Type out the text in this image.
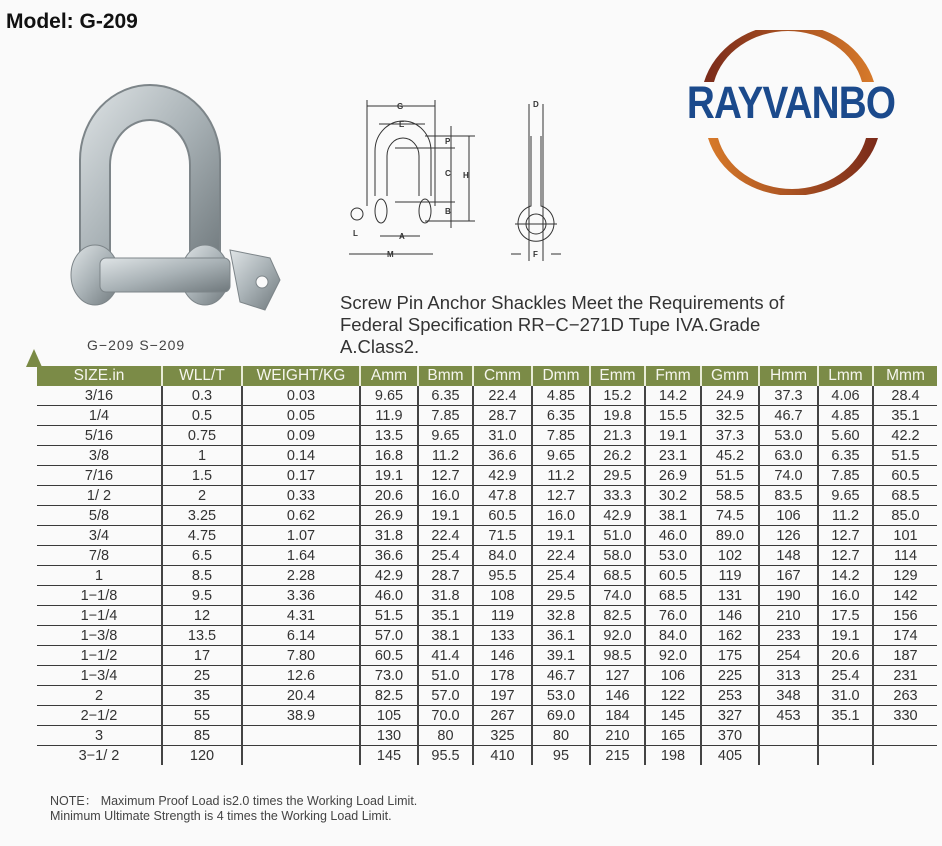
Model: G-209
RAYVANBO
G−209 S−209
G
E
P
C H
B
A
L
M
D
F
Screw Pin Anchor Shackles Meet the Requirements of
Federal Specification RR−C−271D Tupe IVA.Grade
A.Class2.
SIZE.in	WLL/T	WEIGHT/KG	Amm	Bmm	Cmm	Dmm	Emm	Fmm	Gmm	Hmm	Lmm	Mmm
3/16	0.3	0.03	9.65	6.35	22.4	4.85	15.2	14.2	24.9	37.3	4.06	28.4
1/4	0.5	0.05	11.9	7.85	28.7	6.35	19.8	15.5	32.5	46.7	4.85	35.1
5/16	0.75	0.09	13.5	9.65	31.0	7.85	21.3	19.1	37.3	53.0	5.60	42.2
3/8	1	0.14	16.8	11.2	36.6	9.65	26.2	23.1	45.2	63.0	6.35	51.5
7/16	1.5	0.17	19.1	12.7	42.9	11.2	29.5	26.9	51.5	74.0	7.85	60.5
1/ 2	2	0.33	20.6	16.0	47.8	12.7	33.3	30.2	58.5	83.5	9.65	68.5
5/8	3.25	0.62	26.9	19.1	60.5	16.0	42.9	38.1	74.5	106	11.2	85.0
3/4	4.75	1.07	31.8	22.4	71.5	19.1	51.0	46.0	89.0	126	12.7	101
7/8	6.5	1.64	36.6	25.4	84.0	22.4	58.0	53.0	102	148	12.7	114
1	8.5	2.28	42.9	28.7	95.5	25.4	68.5	60.5	119	167	14.2	129
1−1/8	9.5	3.36	46.0	31.8	108	29.5	74.0	68.5	131	190	16.0	142
1−1/4	12	4.31	51.5	35.1	119	32.8	82.5	76.0	146	210	17.5	156
1−3/8	13.5	6.14	57.0	38.1	133	36.1	92.0	84.0	162	233	19.1	174
1−1/2	17	7.80	60.5	41.4	146	39.1	98.5	92.0	175	254	20.6	187
1−3/4	25	12.6	73.0	51.0	178	46.7	127	106	225	313	25.4	231
2	35	20.4	82.5	57.0	197	53.0	146	122	253	348	31.0	263
2−1/2	55	38.9	105	70.0	267	69.0	184	145	327	453	35.1	330
3	85		130	80	325	80	210	165	370			
3−1/ 2	120		145	95.5	410	95	215	198	405			
NOTE： Maximum Proof Load is2.0 times the Working Load Limit.
Minimum Ultimate Strength is 4 times the Working Load Limit.
